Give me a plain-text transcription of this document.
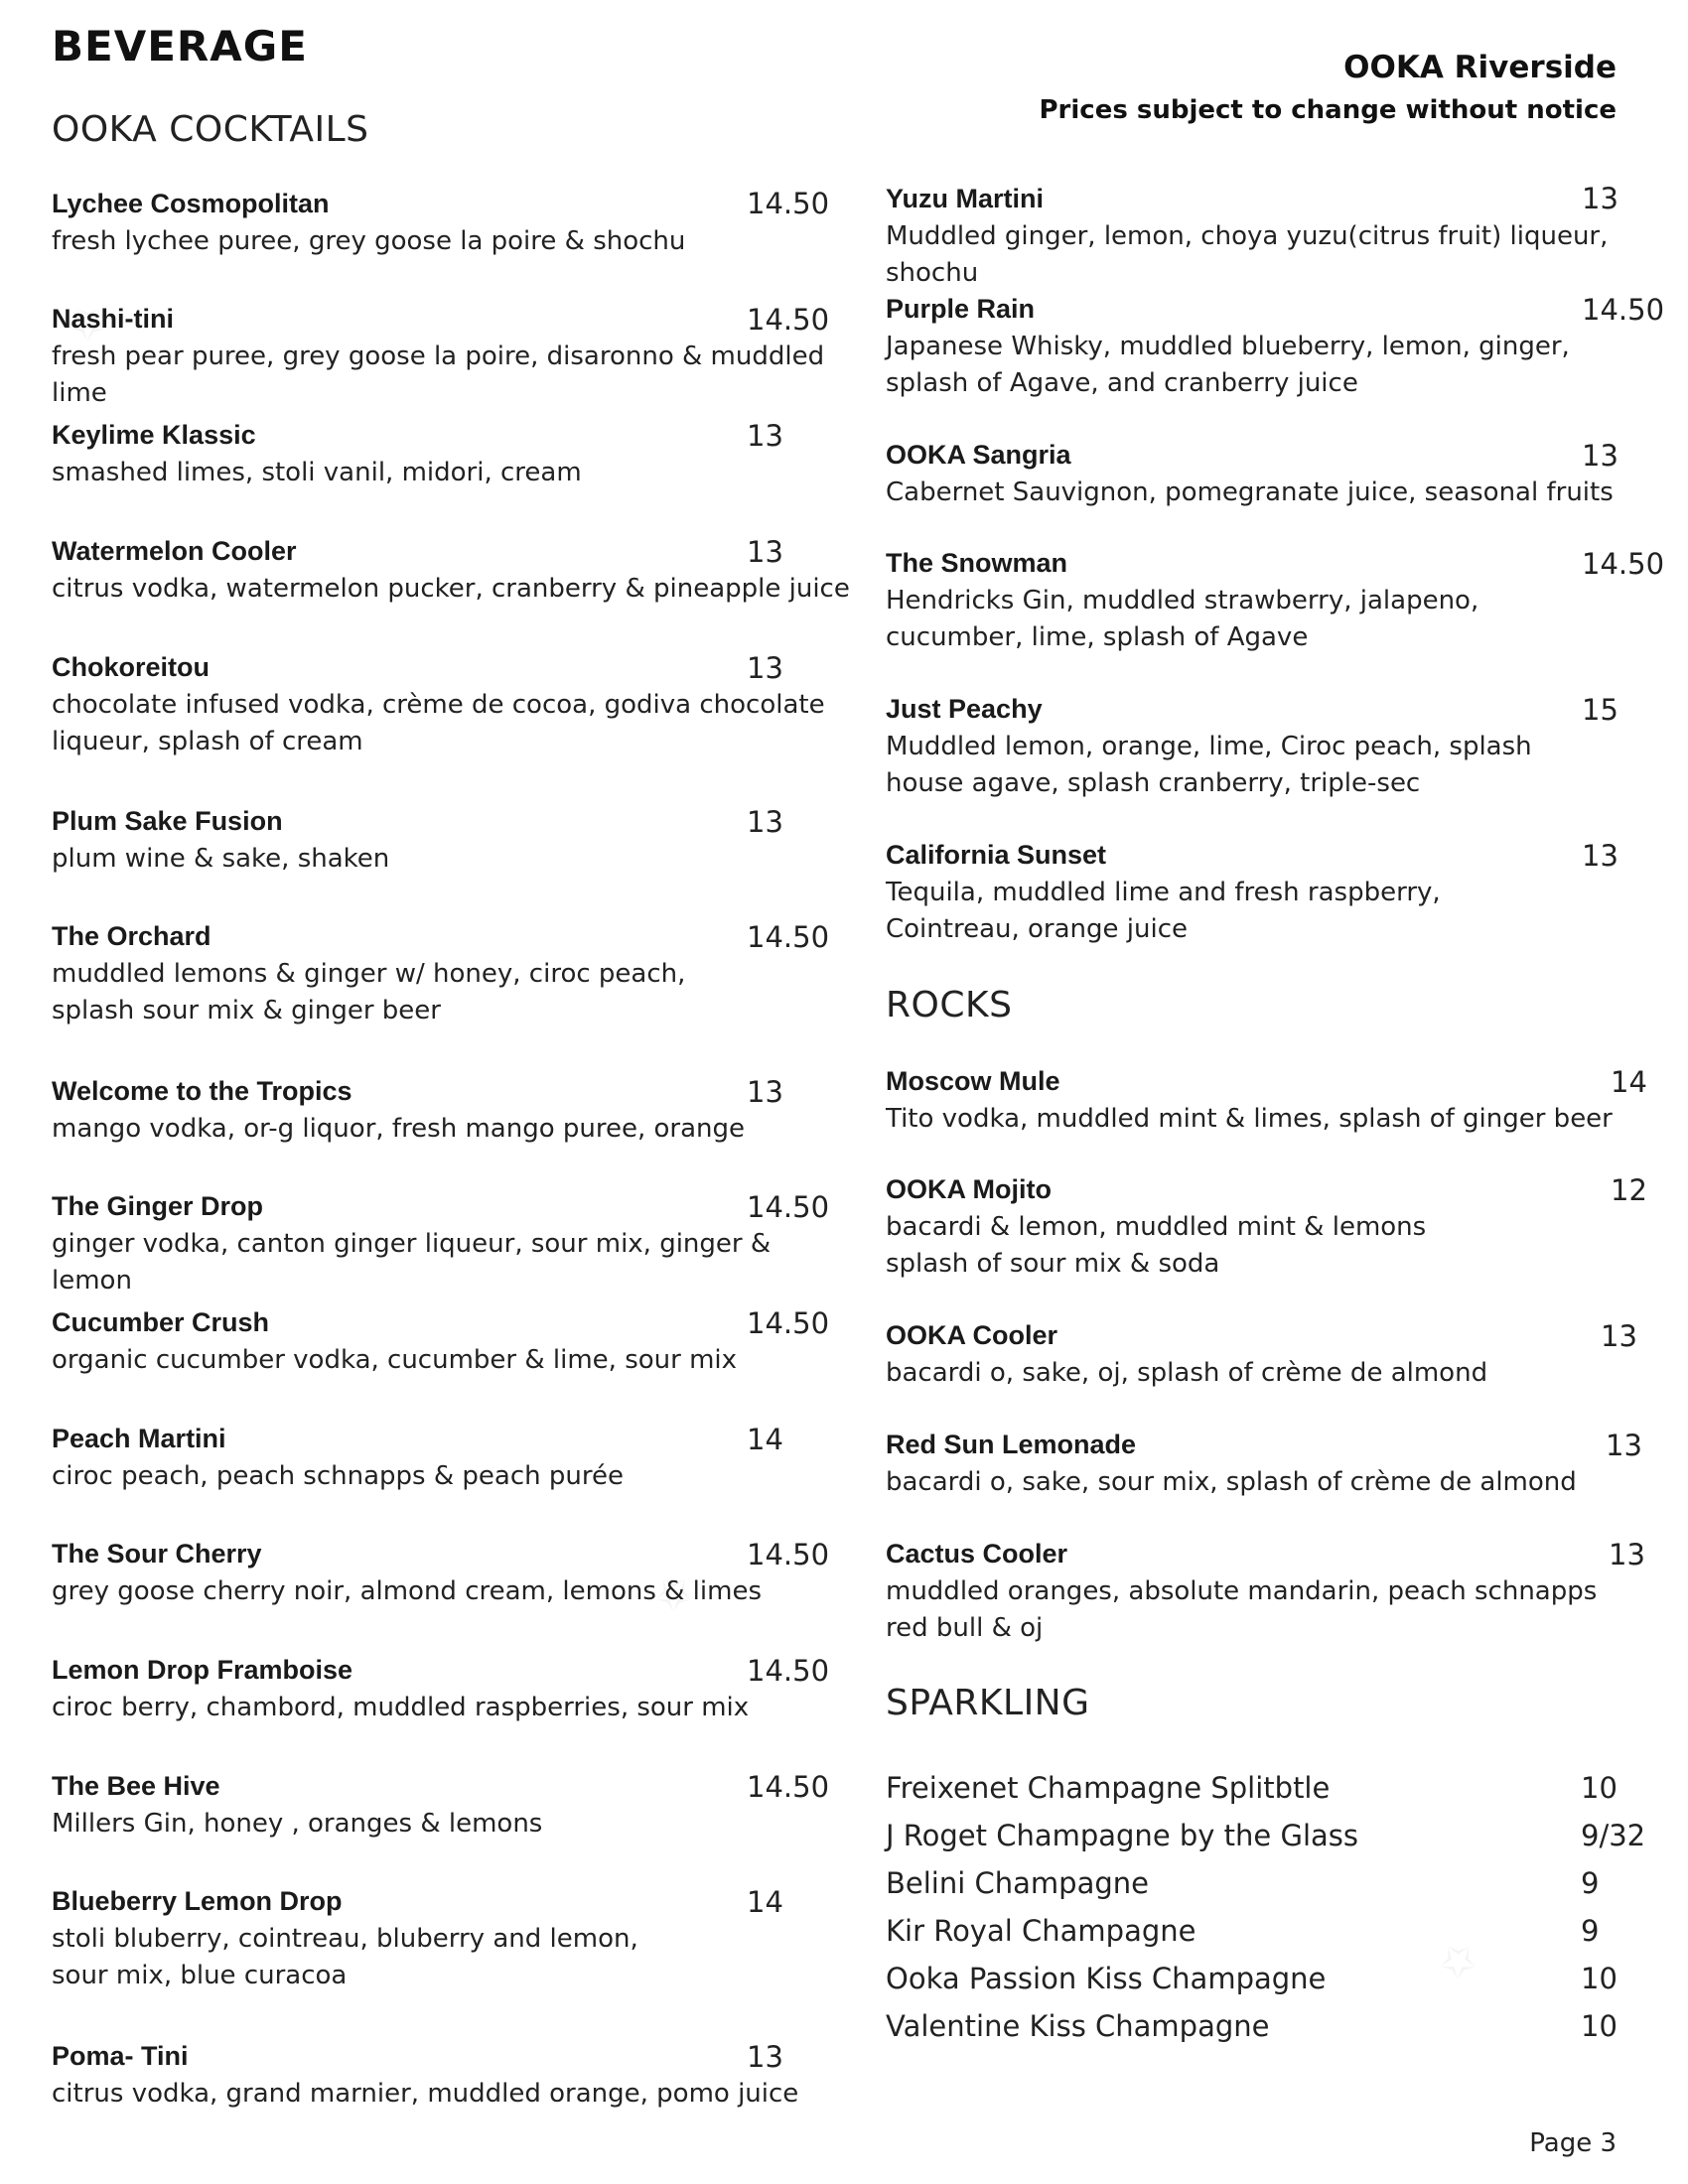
BEVERAGE	OOKA Riverside
Prices subject to change without notice
OOKA COCKTAILS
Lychee Cosmopolitan
fresh lychee puree, grey goose la poire & shochu
14.50
Nashi-tini
fresh pear puree, grey goose la poire, disaronno & muddled lime
14.50
Keylime Klassic
smashed limes, stoli vanil, midori, cream
13
Watermelon Cooler
citrus vodka, watermelon pucker, cranberry & pineapple juice
13
Chokoreitou
chocolate infused vodka, crème de cocoa, godiva chocolate liqueur, splash of cream
13
Plum Sake Fusion
plum wine & sake, shaken
13
The Orchard
muddled lemons & ginger w/ honey, ciroc peach, splash sour mix & ginger beer
14.50
Welcome to the Tropics
mango vodka, or-g liquor, fresh mango puree, orange
13
The Ginger Drop
ginger vodka, canton ginger liqueur, sour mix, ginger & lemon
14.50
Cucumber Crush
organic cucumber vodka, cucumber & lime, sour mix
14.50
Peach Martini
ciroc peach, peach schnapps & peach purée
14
The Sour Cherry
grey goose cherry noir, almond cream, lemons & limes
14.50
Lemon Drop Framboise
ciroc berry, chambord, muddled raspberries, sour mix
14.50
The Bee Hive
Millers Gin, honey , oranges & lemons
14.50
Blueberry Lemon Drop
stoli bluberry, cointreau, bluberry and lemon, sour mix, blue curacoa
14
Poma- Tini
citrus vodka, grand marnier, muddled orange, pomo juice
13
Yuzu Martini
Muddled ginger, lemon, choya yuzu(citrus fruit) liqueur, shochu
13
Purple Rain
Japanese Whisky, muddled blueberry, lemon, ginger, splash of Agave, and cranberry juice
14.50
OOKA Sangria
Cabernet Sauvignon, pomegranate juice, seasonal fruits
13
The Snowman
Hendricks Gin, muddled strawberry, jalapeno, cucumber, lime, splash of Agave
14.50
Just Peachy
Muddled lemon, orange, lime, Ciroc peach, splash house agave, splash cranberry, triple-sec
15
California Sunset
Tequila, muddled lime and fresh raspberry, Cointreau, orange juice
13
ROCKS
Moscow Mule
Tito vodka, muddled mint & limes, splash of ginger beer
14
OOKA Mojito
bacardi & lemon, muddled mint & lemons splash of sour mix & soda
12
OOKA Cooler
bacardi o, sake, oj, splash of crème de almond
13
Red Sun Lemonade
bacardi o, sake, sour mix, splash of crème de almond
13
Cactus Cooler
muddled oranges, absolute mandarin, peach schnapps red bull & oj
13
SPARKLING
Freixenet Champagne Splitbtle	10
J Roget Champagne by the Glass	9/32
Belini Champagne	9
Kir Royal Champagne	9
Ooka Passion Kiss Champagne	10
Valentine Kiss Champagne	10
Page 3
